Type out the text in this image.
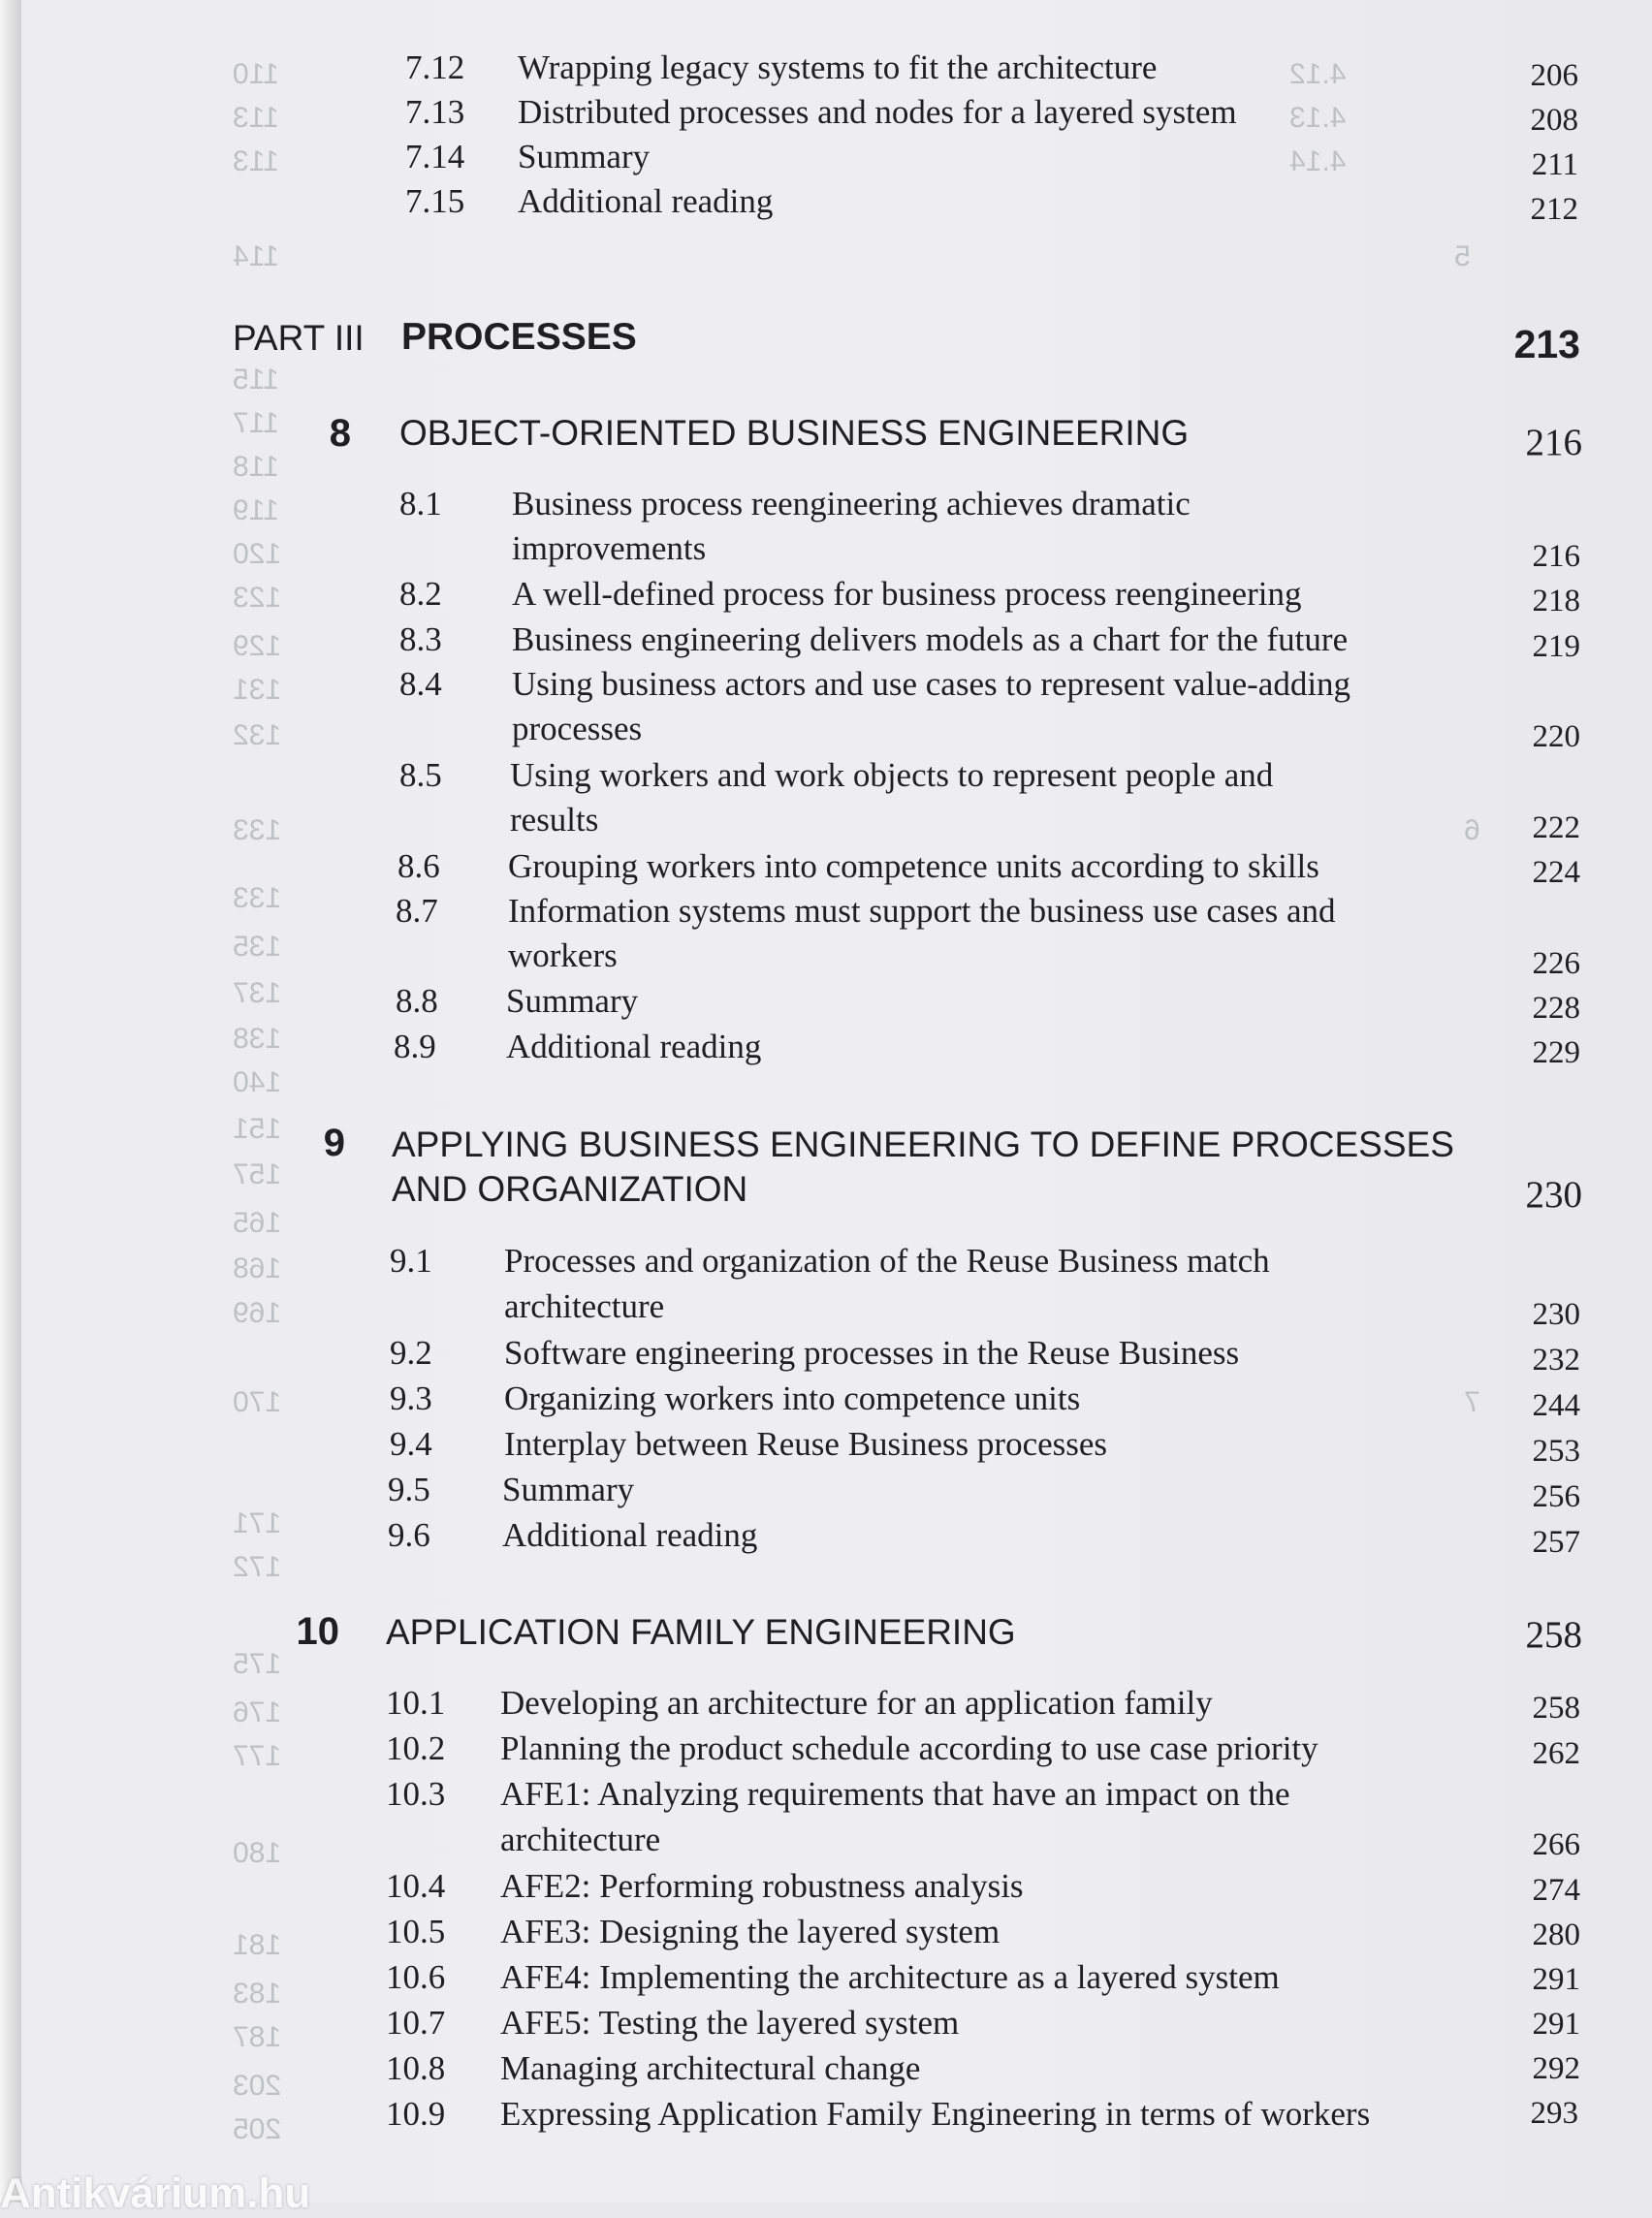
4.12
4.13
4.14
110
113
113
114	5
115
117
118
119
120
123
129
131
132
133	6
133
135
137
138
140
151
157
165
168
169
170	7
171
172
175
176
177
180
181
183
187
203
205
7.12 Wrapping legacy systems to fit the architecture	206
7.13 Distributed processes and nodes for a layered system	208
7.14 Summary	211
7.15 Additional reading	212
PART III PROCESSES	213
8 OBJECT-ORIENTED BUSINESS ENGINEERING	216
8.1 Business process reengineering achieves dramatic
improvements	216
8.2 A well-defined process for business process reengineering	218
8.3 Business engineering delivers models as a chart for the future	219
8.4 Using business actors and use cases to represent value-adding
processes	220
8.5 Using workers and work objects to represent people and
results	222
8.6 Grouping workers into competence units according to skills	224
8.7 Information systems must support the business use cases and
workers	226
8.8 Summary	228
8.9 Additional reading	229
9 APPLYING BUSINESS ENGINEERING TO DEFINE PROCESSES
AND ORGANIZATION	230
9.1 Processes and organization of the Reuse Business match
architecture	230
9.2 Software engineering processes in the Reuse Business	232
9.3 Organizing workers into competence units	244
9.4 Interplay between Reuse Business processes	253
9.5 Summary	256
9.6 Additional reading	257
10 APPLICATION FAMILY ENGINEERING	258
10.1 Developing an architecture for an application family	258
10.2 Planning the product schedule according to use case priority	262
10.3 AFE1: Analyzing requirements that have an impact on the
architecture	266
10.4 AFE2: Performing robustness analysis	274
10.5 AFE3: Designing the layered system	280
10.6 AFE4: Implementing the architecture as a layered system	291
10.7 AFE5: Testing the layered system	291
10.8 Managing architectural change	292
10.9 Expressing Application Family Engineering in terms of workers	293
Antikvárium.hu
